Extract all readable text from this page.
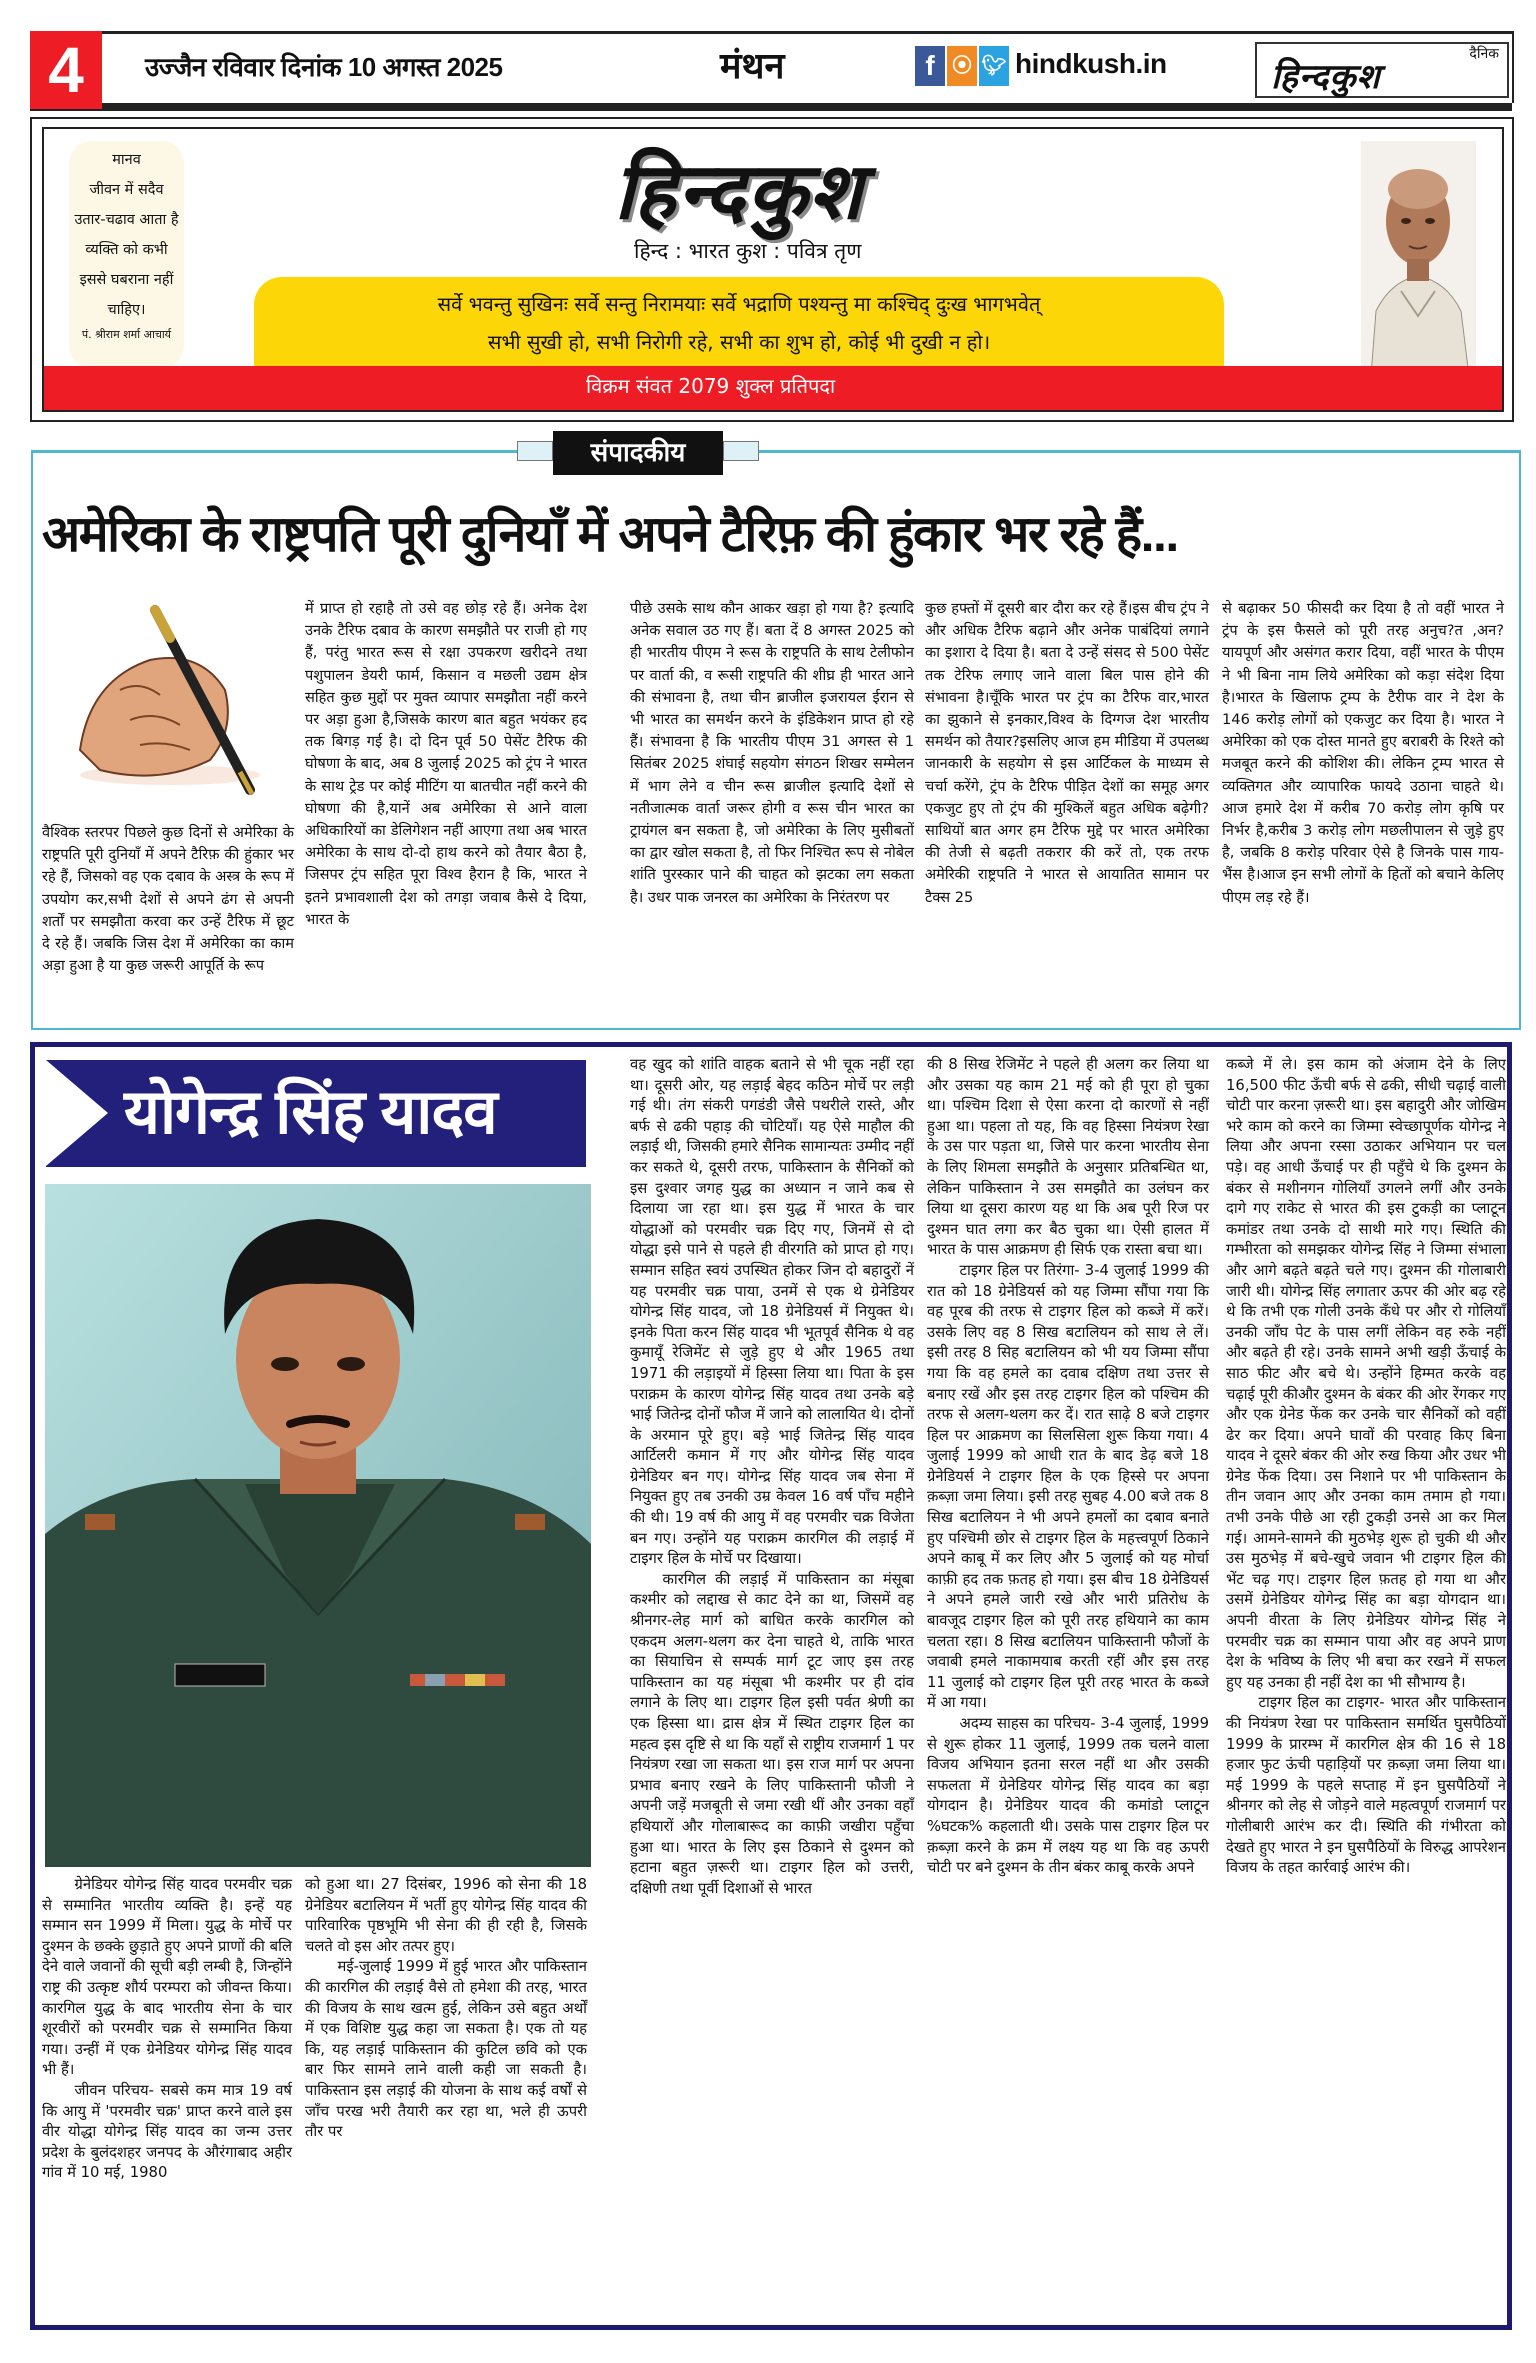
4	उज्जैन रविवार दिनांक 10 अगस्त 2025	मंथन	f ⦿ 🐦︎ hindkush.in	दैनिक
हिन्दकुश

मानव

जीवन में सदैव

उतार-चढाव आता है

व्यक्ति को कभी

इससे घबराना नहीं

चाहिए।

पं. श्रीराम शर्मा आचार्य

हिन्दकुश
हिन्द : भारत कुश : पवित्र तृण

सर्वे भवन्तु सुखिनः सर्वे सन्तु निरामयाः सर्वे भद्राणि पश्यन्तु मा कश्चिद् दुःख भागभवेत्

सभी सुखी हो, सभी निरोगी रहे, सभी का शुभ हो, कोई भी दुखी न हो।

विक्रम संवत 2079 शुक्ल प्रतिपदा
संपादकीय
अमेरिका के राष्ट्रपति पूरी दुनियाँ में अपने टैरिफ़ की हुंकार भर रहे हैं...

वैश्विक स्तरपर पिछले कुछ दिनों से अमेरिका के राष्ट्रपति पूरी दुनियाँ में अपने टैरिफ़ की हुंकार भर रहे हैं, जिसको वह एक दबाव के अस्त्र के रूप में उपयोग कर,सभी देशों से अपने ढंग से अपनी शर्तों पर समझौता करवा कर उन्हें टैरिफ में छूट दे रहे हैं। जबकि जिस देश में अमेरिका का काम अड़ा हुआ है या कुछ जरूरी आपूर्ति के रूप

में प्राप्त हो रहाहै तो उसे वह छोड़ रहे हैं। अनेक देश उनके टैरिफ दबाव के कारण समझौते पर राजी हो गए हैं, परंतु भारत रूस से रक्षा उपकरण खरीदने तथा पशुपालन डेयरी फार्म, किसान व मछली उद्यम क्षेत्र सहित कुछ मुद्दों पर मुक्त व्यापार समझौता नहीं करने पर अड़ा हुआ है,जिसके कारण बात बहुत भयंकर हद तक बिगड़ गई है। दो दिन पूर्व 50 पेसेंट टैरिफ की घोषणा के बाद, अब 8 जुलाई 2025 को ट्रंप ने भारत के साथ ट्रेड पर कोई मीटिंग या बातचीत नहीं करने की घोषणा की है,यानें अब अमेरिका से आने वाला अधिकारियों का डेलिगेशन नहीं आएगा तथा अब भारत अमेरिका के साथ दो-दो हाथ करने को तैयार बैठा है, जिसपर ट्रंप सहित पूरा विश्व हैरान है कि, भारत ने इतने प्रभावशाली देश को तगड़ा जवाब कैसे दे दिया, भारत के

पीछे उसके साथ कौन आकर खड़ा हो गया है? इत्यादि अनेक सवाल उठ गए हैं। बता दें 8 अगस्त 2025 को ही भारतीय पीएम ने रूस के राष्ट्रपति के साथ टेलीफोन पर वार्ता की, व रूसी राष्ट्रपति की शीघ्र ही भारत आने की संभावना है, तथा चीन ब्राजील इजरायल ईरान से भी भारत का समर्थन करने के इंडिकेशन प्राप्त हो रहे हैं। संभावना है कि भारतीय पीएम 31 अगस्त से 1 सितंबर 2025 शंघाई सहयोग संगठन शिखर सम्मेलन में भाग लेने व चीन रूस ब्राजील इत्यादि देशों से नतीजात्मक वार्ता जरूर होगी व रूस चीन भारत का ट्रायंगल बन सकता है, जो अमेरिका के लिए मुसीबतों का द्वार खोल सकता है, तो फिर निश्चित रूप से नोबेल शांति पुरस्कार पाने की चाहत को झटका लग सकता है। उधर पाक जनरल का अमेरिका के निरंतरण पर

कुछ हफ्तों में दूसरी बार दौरा कर रहे हैं।इस बीच ट्रंप ने और अधिक टैरिफ बढ़ाने और अनेक पाबंदियां लगाने का इशारा दे दिया है। बता दे उन्हें संसद से 500 पेसेंट तक टेरिफ लगाए जाने वाला बिल पास होने की संभावना है।चूँकि भारत पर ट्रंप का टैरिफ वार,भारत का झुकाने से इनकार,विश्व के दिग्गज देश भारतीय समर्थन को तैयार?इसलिए आज हम मीडिया में उपलब्ध जानकारी के सहयोग से इस आर्टिकल के माध्यम से चर्चा करेंगे, ट्रंप के टैरिफ पीड़ित देशों का समूह अगर एकजुट हुए तो ट्रंप की मुश्किलें बहुत अधिक बढ़ेगी? साथियों बात अगर हम टैरिफ मुद्दे पर भारत अमेरिका की तेजी से बढ़ती तकरार की करें तो, एक तरफ अमेरिकी राष्ट्रपति ने भारत से आयातित सामान पर टैक्स 25

से बढ़ाकर 50 फीसदी कर दिया है तो वहीं भारत ने ट्रंप के इस फैसले को पूरी तरह अनुच?त ,अन?यायपूर्ण और असंगत करार दिया, वहीं भारत के पीएम ने भी बिना नाम लिये अमेरिका को कड़ा संदेश दिया है।भारत के खिलाफ ट्रम्प के टैरीफ वार ने देश के 146 करोड़ लोगों को एकजुट कर दिया है। भारत ने अमेरिका को एक दोस्त मानते हुए बराबरी के रिश्ते को मजबूत करने की कोशिश की। लेकिन ट्रम्प भारत से व्यक्तिगत और व्यापारिक फायदे उठाना चाहते थे। आज हमारे देश में करीब 70 करोड़ लोग कृषि पर निर्भर है,करीब 3 करोड़ लोग मछलीपालन से जुड़े हुए है, जबकि 8 करोड़ परिवार ऐसे है जिनके पास गाय-भैंस है।आज इन सभी लोगों के हितों को बचाने केलिए पीएम लड़ रहे हैं।

योगेन्द्र सिंह यादव

ग्रेनेडियर योगेन्द्र सिंह यादव परमवीर चक्र से सम्मानित भारतीय व्यक्ति है। इन्हें यह सम्मान सन 1999 में मिला। युद्ध के मोर्चे पर दुश्मन के छक्के छुड़ाते हुए अपने प्राणों की बलि देने वाले जवानों की सूची बड़ी लम्बी है, जिन्होंने राष्ट्र की उत्कृष्ट शौर्य परम्परा को जीवन्त किया। कारगिल युद्ध के बाद भारतीय सेना के चार शूरवीरों को परमवीर चक्र से सम्मानित किया गया। उन्हीं में एक ग्रेनेडियर योगेन्द्र सिंह यादव भी हैं।

जीवन परिचय- सबसे कम मात्र 19 वर्ष कि आयु में 'परमवीर चक्र' प्राप्त करने वाले इस वीर योद्धा योगेन्द्र सिंह यादव का जन्म उत्तर प्रदेश के बुलंदशहर जनपद के औरंगाबाद अहीर गांव में 10 मई, 1980

को हुआ था। 27 दिसंबर, 1996 को सेना की 18 ग्रेनेडियर बटालियन में भर्ती हुए योगेन्द्र सिंह यादव की पारिवारिक पृष्ठभूमि भी सेना की ही रही है, जिसके चलते वो इस ओर तत्पर हुए।

मई-जुलाई 1999 में हुई भारत और पाकिस्तान की कारगिल की लड़ाई वैसे तो हमेशा की तरह, भारत की विजय के साथ खत्म हुई, लेकिन उसे बहुत अर्थों में एक विशिष्ट युद्ध कहा जा सकता है। एक तो यह कि, यह लड़ाई पाकिस्तान की कुटिल छवि को एक बार फिर सामने लाने वाली कही जा सकती है। पाकिस्तान इस लड़ाई की योजना के साथ कई वर्षों से जाँच परख भरी तैयारी कर रहा था, भले ही ऊपरी तौर पर

वह खुद को शांति वाहक बताने से भी चूक नहीं रहा था। दूसरी ओर, यह लड़ाई बेहद कठिन मोर्चे पर लड़ी गई थी। तंग संकरी पगडंडी जैसे पथरीले रास्ते, और बर्फ से ढकी पहाड़ की चोटियाँ। यह ऐसे माहौल की लड़ाई थी, जिसकी हमारे सैनिक सामान्यतः उम्मीद नहीं कर सकते थे, दूसरी तरफ, पाकिस्तान के सैनिकों को इस दुश्वार जगह युद्ध का अध्यान न जाने कब से दिलाया जा रहा था। इस युद्ध में भारत के चार योद्धाओं को परमवीर चक्र दिए गए, जिनमें से दो योद्धा इसे पाने से पहले ही वीरगति को प्राप्त हो गए। सम्मान सहित स्वयं उपस्थित होकर जिन दो बहादुरों नें यह परमवीर चक्र पाया, उनमें से एक थे ग्रेनेडियर योगेन्द्र सिंह यादव, जो 18 ग्रेनेडियर्स में नियुक्त थे। इनके पिता करन सिंह यादव भी भूतपूर्व सैनिक थे वह कुमायूँ रेजिमेंट से जुड़े हुए थे और 1965 तथा 1971 की लड़ाइयों में हिस्सा लिया था। पिता के इस पराक्रम के कारण योगेन्द्र सिंह यादव तथा उनके बड़े भाई जितेन्द्र दोनों फौज में जाने को लालायित थे। दोनों के अरमान पूरे हुए। बड़े भाई जितेन्द्र सिंह यादव आर्टिलरी कमान में गए और योगेन्द्र सिंह यादव ग्रेनेडियर बन गए। योगेन्द्र सिंह यादव जब सेना में नियुक्त हुए तब उनकी उम्र केवल 16 वर्ष पाँच महीने की थी। 19 वर्ष की आयु में वह परमवीर चक्र विजेता बन गए। उन्होंने यह पराक्रम कारगिल की लड़ाई में टाइगर हिल के मोर्चे पर दिखाया।

कारगिल की लड़ाई में पाकिस्तान का मंसूबा कश्मीर को लद्दाख से काट देने का था, जिसमें वह श्रीनगर-लेह मार्ग को बाधित करके कारगिल को एकदम अलग-थलग कर देना चाहते थे, ताकि भारत का सियाचिन से सम्पर्क मार्ग टूट जाए इस तरह पाकिस्तान का यह मंसूबा भी कश्मीर पर ही दांव लगाने के लिए था। टाइगर हिल इसी पर्वत श्रेणी का एक हिस्सा था। द्रास क्षेत्र में स्थित टाइगर हिल का महत्व इस दृष्टि से था कि यहाँ से राष्ट्रीय राजमार्ग 1 पर नियंत्रण रखा जा सकता था। इस राज मार्ग पर अपना प्रभाव बनाए रखने के लिए पाकिस्तानी फौजी ने अपनी जड़ें मजबूती से जमा रखी थीं और उनका वहाँ हथियारों और गोलाबारूद का काफ़ी जखीरा पहुँचा हुआ था। भारत के लिए इस ठिकाने से दुश्मन को हटाना बहुत ज़रूरी था। टाइगर हिल को उत्तरी, दक्षिणी तथा पूर्वी दिशाओं से भारत

की 8 सिख रेजिमेंट ने पहले ही अलग कर लिया था और उसका यह काम 21 मई को ही पूरा हो चुका था। पश्चिम दिशा से ऐसा करना दो कारणों से नहीं हुआ था। पहला तो यह, कि वह हिस्सा नियंत्रण रेखा के उस पार पड़ता था, जिसे पार करना भारतीय सेना के लिए शिमला समझौते के अनुसार प्रतिबन्धित था, लेकिन पाकिस्तान ने उस समझौते का उलंघन कर लिया था दूसरा कारण यह था कि अब पूरी रिज पर दुश्मन घात लगा कर बैठ चुका था। ऐसी हालत में भारत के पास आक्रमण ही सिर्फ एक रास्ता बचा था।

टाइगर हिल पर तिरंगा- 3-4 जुलाई 1999 की रात को 18 ग्रेनेडियर्स को यह जिम्मा सौंपा गया कि वह पूरब की तरफ से टाइगर हिल को कब्जे में करें। उसके लिए वह 8 सिख बटालियन को साथ ले लें। इसी तरह 8 सिह बटालियन को भी यय जिम्मा सौंपा गया कि वह हमले का दवाब दक्षिण तथा उत्तर से बनाए रखें और इस तरह टाइगर हिल को पश्चिम की तरफ से अलग-थलग कर दें। रात साढ़े 8 बजे टाइगर हिल पर आक्रमण का सिलसिला शुरू किया गया। 4 जुलाई 1999 को आधी रात के बाद डेढ़ बजे 18 ग्रेनेडियर्स ने टाइगर हिल के एक हिस्से पर अपना क़ब्ज़ा जमा लिया। इसी तरह सुबह 4.00 बजे तक 8 सिख बटालियन ने भी अपने हमलों का दबाव बनाते हुए पश्चिमी छोर से टाइगर हिल के महत्त्वपूर्ण ठिकाने अपने काबू में कर लिए और 5 जुलाई को यह मोर्चा काफ़ी हद तक फ़तह हो गया। इस बीच 18 ग्रेनेडियर्स ने अपने हमले जारी रखे और भारी प्रतिरोध के बावजूद टाइगर हिल को पूरी तरह हथियाने का काम चलता रहा। 8 सिख बटालियन पाकिस्तानी फौजों के जवाबी हमले नाकामयाब करती रहीं और इस तरह 11 जुलाई को टाइगर हिल पूरी तरह भारत के कब्जे में आ गया।

अदम्य साहस का परिचय- 3-4 जुलाई, 1999 से शुरू होकर 11 जुलाई, 1999 तक चलने वाला विजय अभियान इतना सरल नहीं था और उसकी सफलता में ग्रेनेडियर योगेन्द्र सिंह यादव का बड़ा योगदान है। ग्रेनेडियर यादव की कमांडो प्लाटून %घटक% कहलाती थी। उसके पास टाइगर हिल पर क़ब्ज़ा करने के क्रम में लक्ष्य यह था कि वह ऊपरी चोटी पर बने दुश्मन के तीन बंकर काबू करके अपने

कब्जे में ले। इस काम को अंजाम देने के लिए 16,500 फीट ऊँची बर्फ से ढकी, सीधी चढ़ाई वाली चोटी पार करना ज़रूरी था। इस बहादुरी और जोखिम भरे काम को करने का जिम्मा स्वेच्छापूर्णक योगेन्द्र ने लिया और अपना रस्सा उठाकर अभियान पर चल पड़े। वह आधी ऊँचाई पर ही पहुँचे थे कि दुश्मन के बंकर से मशीनगन गोलियाँ उगलने लगीं और उनके दागे गए राकेट से भारत की इस टुकड़ी का प्लाटून कमांडर तथा उनके दो साथी मारे गए। स्थिति की गम्भीरता को समझकर योगेन्द्र सिंह ने जिम्मा संभाला और आगे बढ़ते बढ़ते चले गए। दुश्मन की गोलाबारी जारी थी। योगेन्द्र सिंह लगातार ऊपर की ओर बढ़ रहे थे कि तभी एक गोली उनके कँधे पर और रो गोलियाँ उनकी जाँघ पेट के पास लगीं लेकिन वह रुके नहीं और बढ़ते ही रहे। उनके सामने अभी खड़ी ऊँचाई के साठ फीट और बचे थे। उन्होंने हिम्मत करके वह चढ़ाई पूरी कीऔर दुश्मन के बंकर की ओर रेंगकर गए और एक ग्रेनेड फेंक कर उनके चार सैनिकों को वहीं ढेर कर दिया। अपने घावों की परवाह किए बिना यादव ने दूसरे बंकर की ओर रुख किया और उधर भी ग्रेनेड फेंक दिया। उस निशाने पर भी पाकिस्तान के तीन जवान आए और उनका काम तमाम हो गया। तभी उनके पीछे आ रही टुकड़ी उनसे आ कर मिल गई। आमने-सामने की मुठभेड़ शुरू हो चुकी थी और उस मुठभेड़ में बचे-खुचे जवान भी टाइगर हिल की भेंट चढ़ गए। टाइगर हिल फ़तह हो गया था और उसमें ग्रेनेडियर योगेन्द्र सिंह का बड़ा योगदान था। अपनी वीरता के लिए ग्रेनेडियर योगेन्द्र सिंह ने परमवीर चक्र का सम्मान पाया और वह अपने प्राण देश के भविष्य के लिए भी बचा कर रखने में सफल हुए यह उनका ही नहीं देश का भी सौभाग्य है।

टाइगर हिल का टाइगर- भारत और पाकिस्तान की नियंत्रण रेखा पर पाकिस्तान समर्थित घुसपैठियों 1999 के प्रारम्भ में कारगिल क्षेत्र की 16 से 18 हजार फुट ऊंची पहाड़ियों पर क़ब्ज़ा जमा लिया था। मई 1999 के पहले सप्ताह में इन घुसपैठियों ने श्रीनगर को लेह से जोड़ने वाले महत्वपूर्ण राजमार्ग पर गोलीबारी आरंभ कर दी। स्थिति की गंभीरता को देखते हुए भारत ने इन घुसपैठियों के विरुद्ध आपरेशन विजय के तहत कार्रवाई आरंभ की।
